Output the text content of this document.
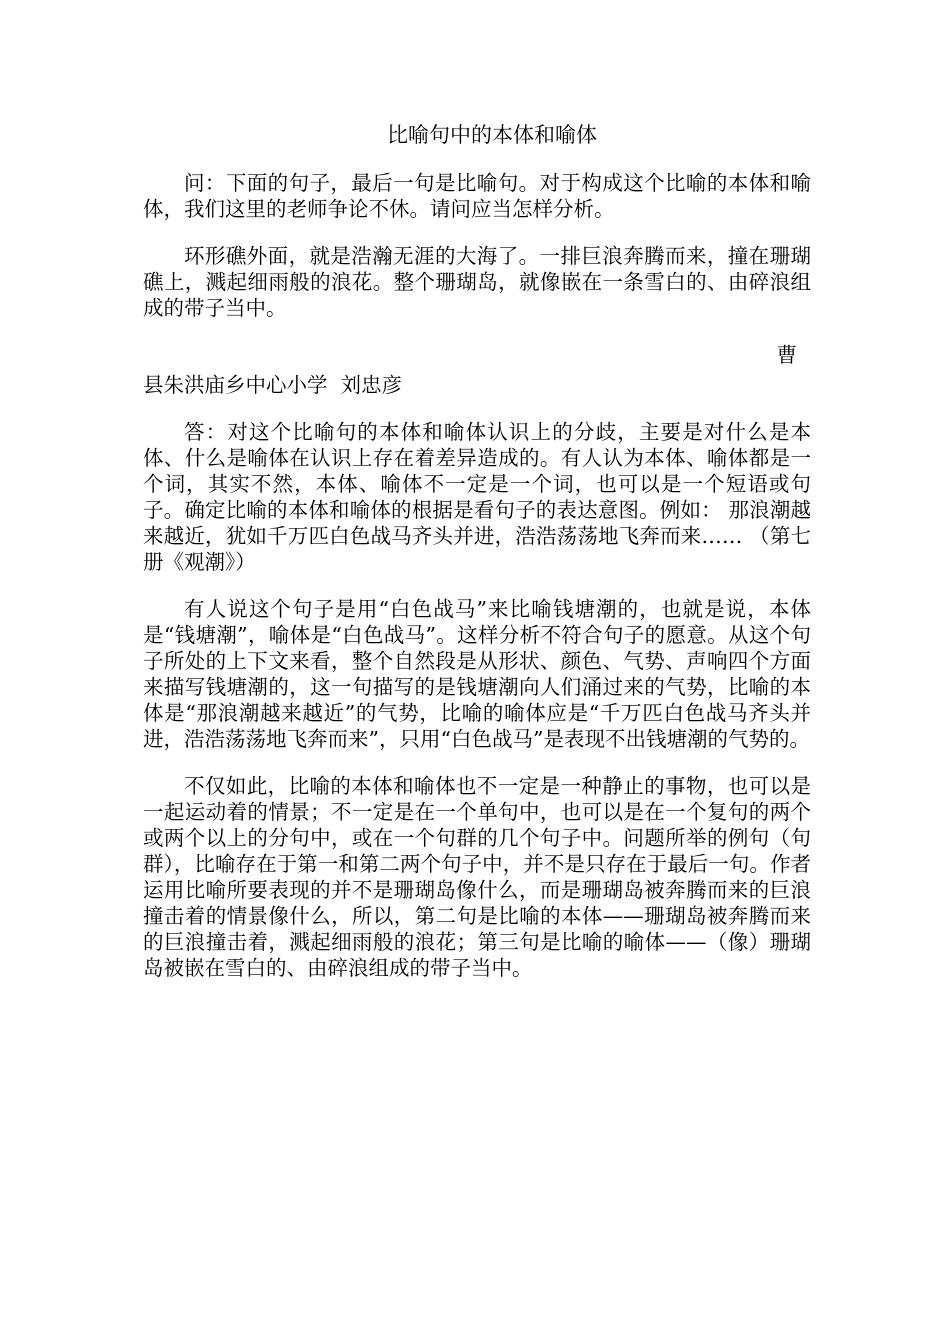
比喻句中的本体和喻体

问：下面的句子，最后一句是比喻句。对于构成这个比喻的本体和喻体，我们这里的老师争论不休。请问应当怎样分析。

环形礁外面，就是浩瀚无涯的大海了。一排巨浪奔腾而来，撞在珊瑚礁上，溅起细雨般的浪花。整个珊瑚岛，就像嵌在一条雪白的、由碎浪组成的带子当中。

曹
县朱洪庙乡中心小学  刘忠彦

答：对这个比喻句的本体和喻体认识上的分歧，主要是对什么是本体、什么是喻体在认识上存在着差异造成的。有人认为本体、喻体都是一个词，其实不然，本体、喻体不一定是一个词，也可以是一个短语或句子。确定比喻的本体和喻体的根据是看句子的表达意图。例如： 那浪潮越来越近，犹如千万匹白色战马齐头并进，浩浩荡荡地飞奔而来…… （第七册《观潮》）

有人说这个句子是用“白色战马”来比喻钱塘潮的，也就是说，本体是“钱塘潮”，喻体是“白色战马”。这样分析不符合句子的愿意。从这个句子所处的上下文来看，整个自然段是从形状、颜色、气势、声响四个方面来描写钱塘潮的，这一句描写的是钱塘潮向人们涌过来的气势，比喻的本体是“那浪潮越来越近”的气势，比喻的喻体应是“千万匹白色战马齐头并进，浩浩荡荡地飞奔而来”，只用“白色战马”是表现不出钱塘潮的气势的。

不仅如此，比喻的本体和喻体也不一定是一种静止的事物，也可以是一起运动着的情景；不一定是在一个单句中，也可以是在一个复句的两个或两个以上的分句中，或在一个句群的几个句子中。问题所举的例句（句群），比喻存在于第一和第二两个句子中，并不是只存在于最后一句。作者运用比喻所要表现的并不是珊瑚岛像什么，而是珊瑚岛被奔腾而来的巨浪撞击着的情景像什么，所以，第二句是比喻的本体——珊瑚岛被奔腾而来的巨浪撞击着，溅起细雨般的浪花；第三句是比喻的喻体——（像）珊瑚岛被嵌在雪白的、由碎浪组成的带子当中。
